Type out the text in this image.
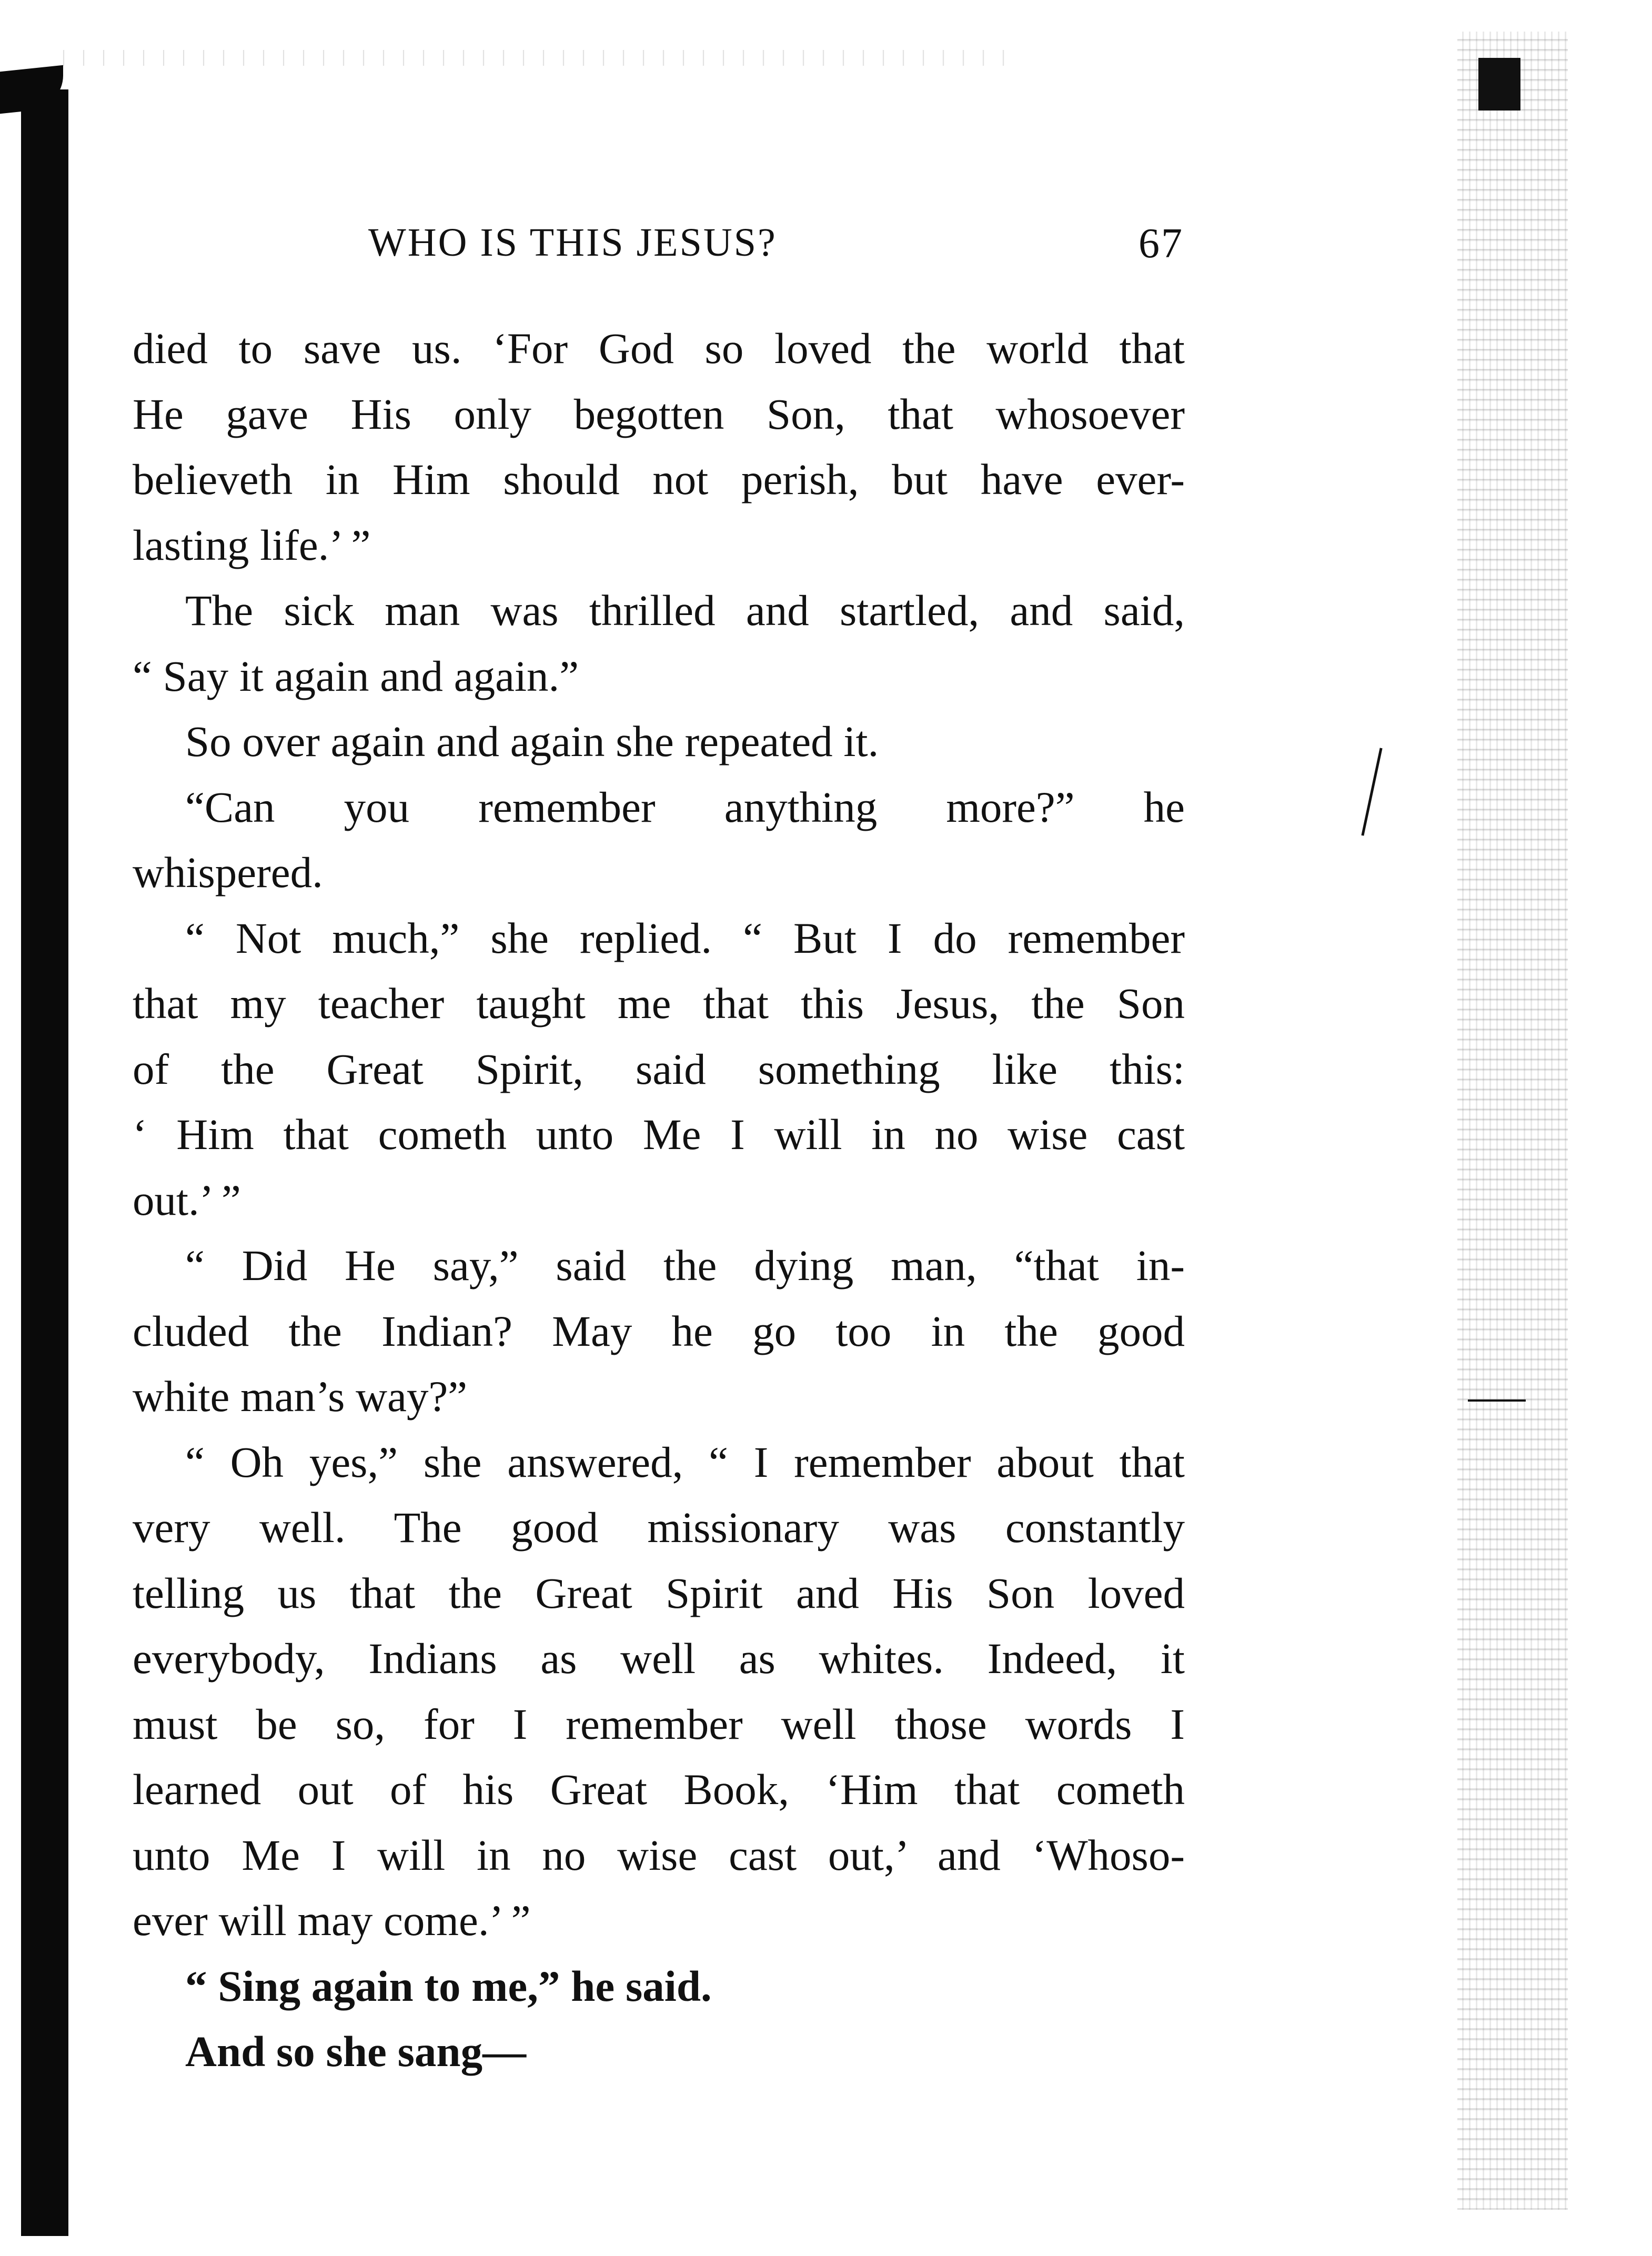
WHO IS THIS JESUS?	67
died to save us. ‘For God so loved the world that
He gave His only begotten Son, that whosoever
believeth in Him should not perish, but have ever-
lasting life.’ ”
The sick man was thrilled and startled, and said,
“ Say it again and again.”
So over again and again she repeated it.
“Can you remember anything more?” he
whispered.
“ Not much,” she replied. “ But I do remember
that my teacher taught me that this Jesus, the Son
of the Great Spirit, said something like this:
‘ Him that cometh unto Me I will in no wise cast
out.’ ”
“ Did He say,” said the dying man, “that in-
cluded the Indian? May he go too in the good
white man’s way?”
“ Oh yes,” she answered, “ I remember about that
very well. The good missionary was constantly
telling us that the Great Spirit and His Son loved
everybody, Indians as well as whites. Indeed, it
must be so, for I remember well those words I
learned out of his Great Book, ‘Him that cometh
unto Me I will in no wise cast out,’ and ‘Whoso-
ever will may come.’ ”
“ Sing again to me,” he said.
And so she sang—
